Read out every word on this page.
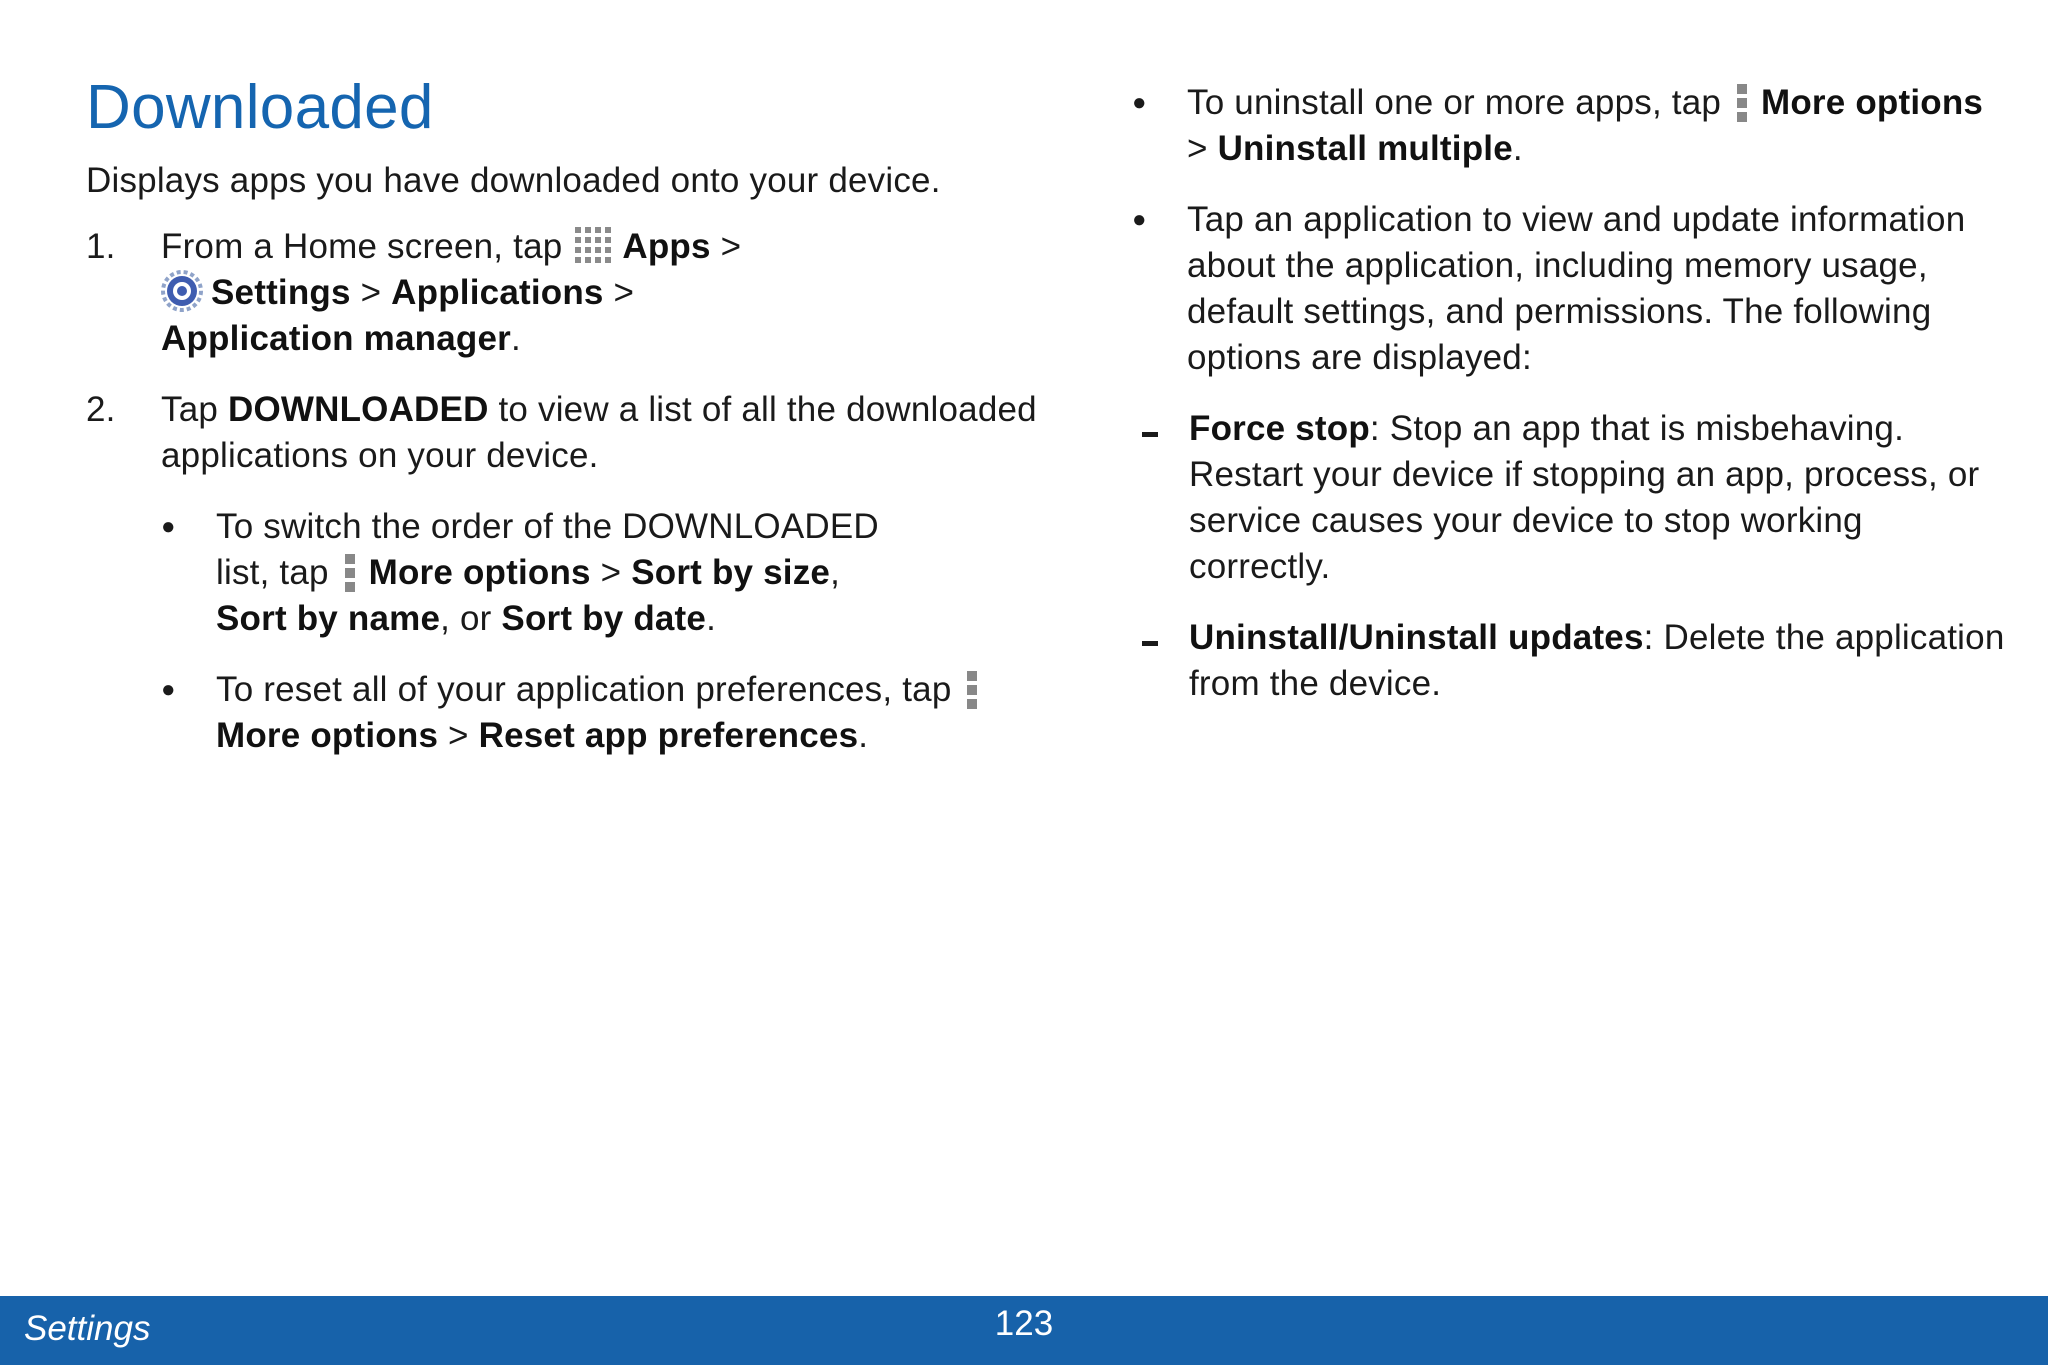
Downloaded
Displays apps you have downloaded onto your device.
1. From a Home screen, tap Apps >
Settings > Applications >
Application manager.
2. Tap DOWNLOADED to view a list of all the downloaded applications on your device.
● To switch the order of the DOWNLOADED list, tap More options > Sort by size,
Sort by name, or Sort by date.
● To reset all of your application preferences, tap More options > Reset app preferences.
● To uninstall one or more apps, tap More options > Uninstall multiple.
● Tap an application to view and update information about the application, including memory usage, default settings, and permissions. The following options are displayed:
Force stop: Stop an app that is misbehaving. Restart your device if stopping an app, process, or service causes your device to stop working correctly.
Uninstall/Uninstall updates: Delete the application from the device.
Settings	123
